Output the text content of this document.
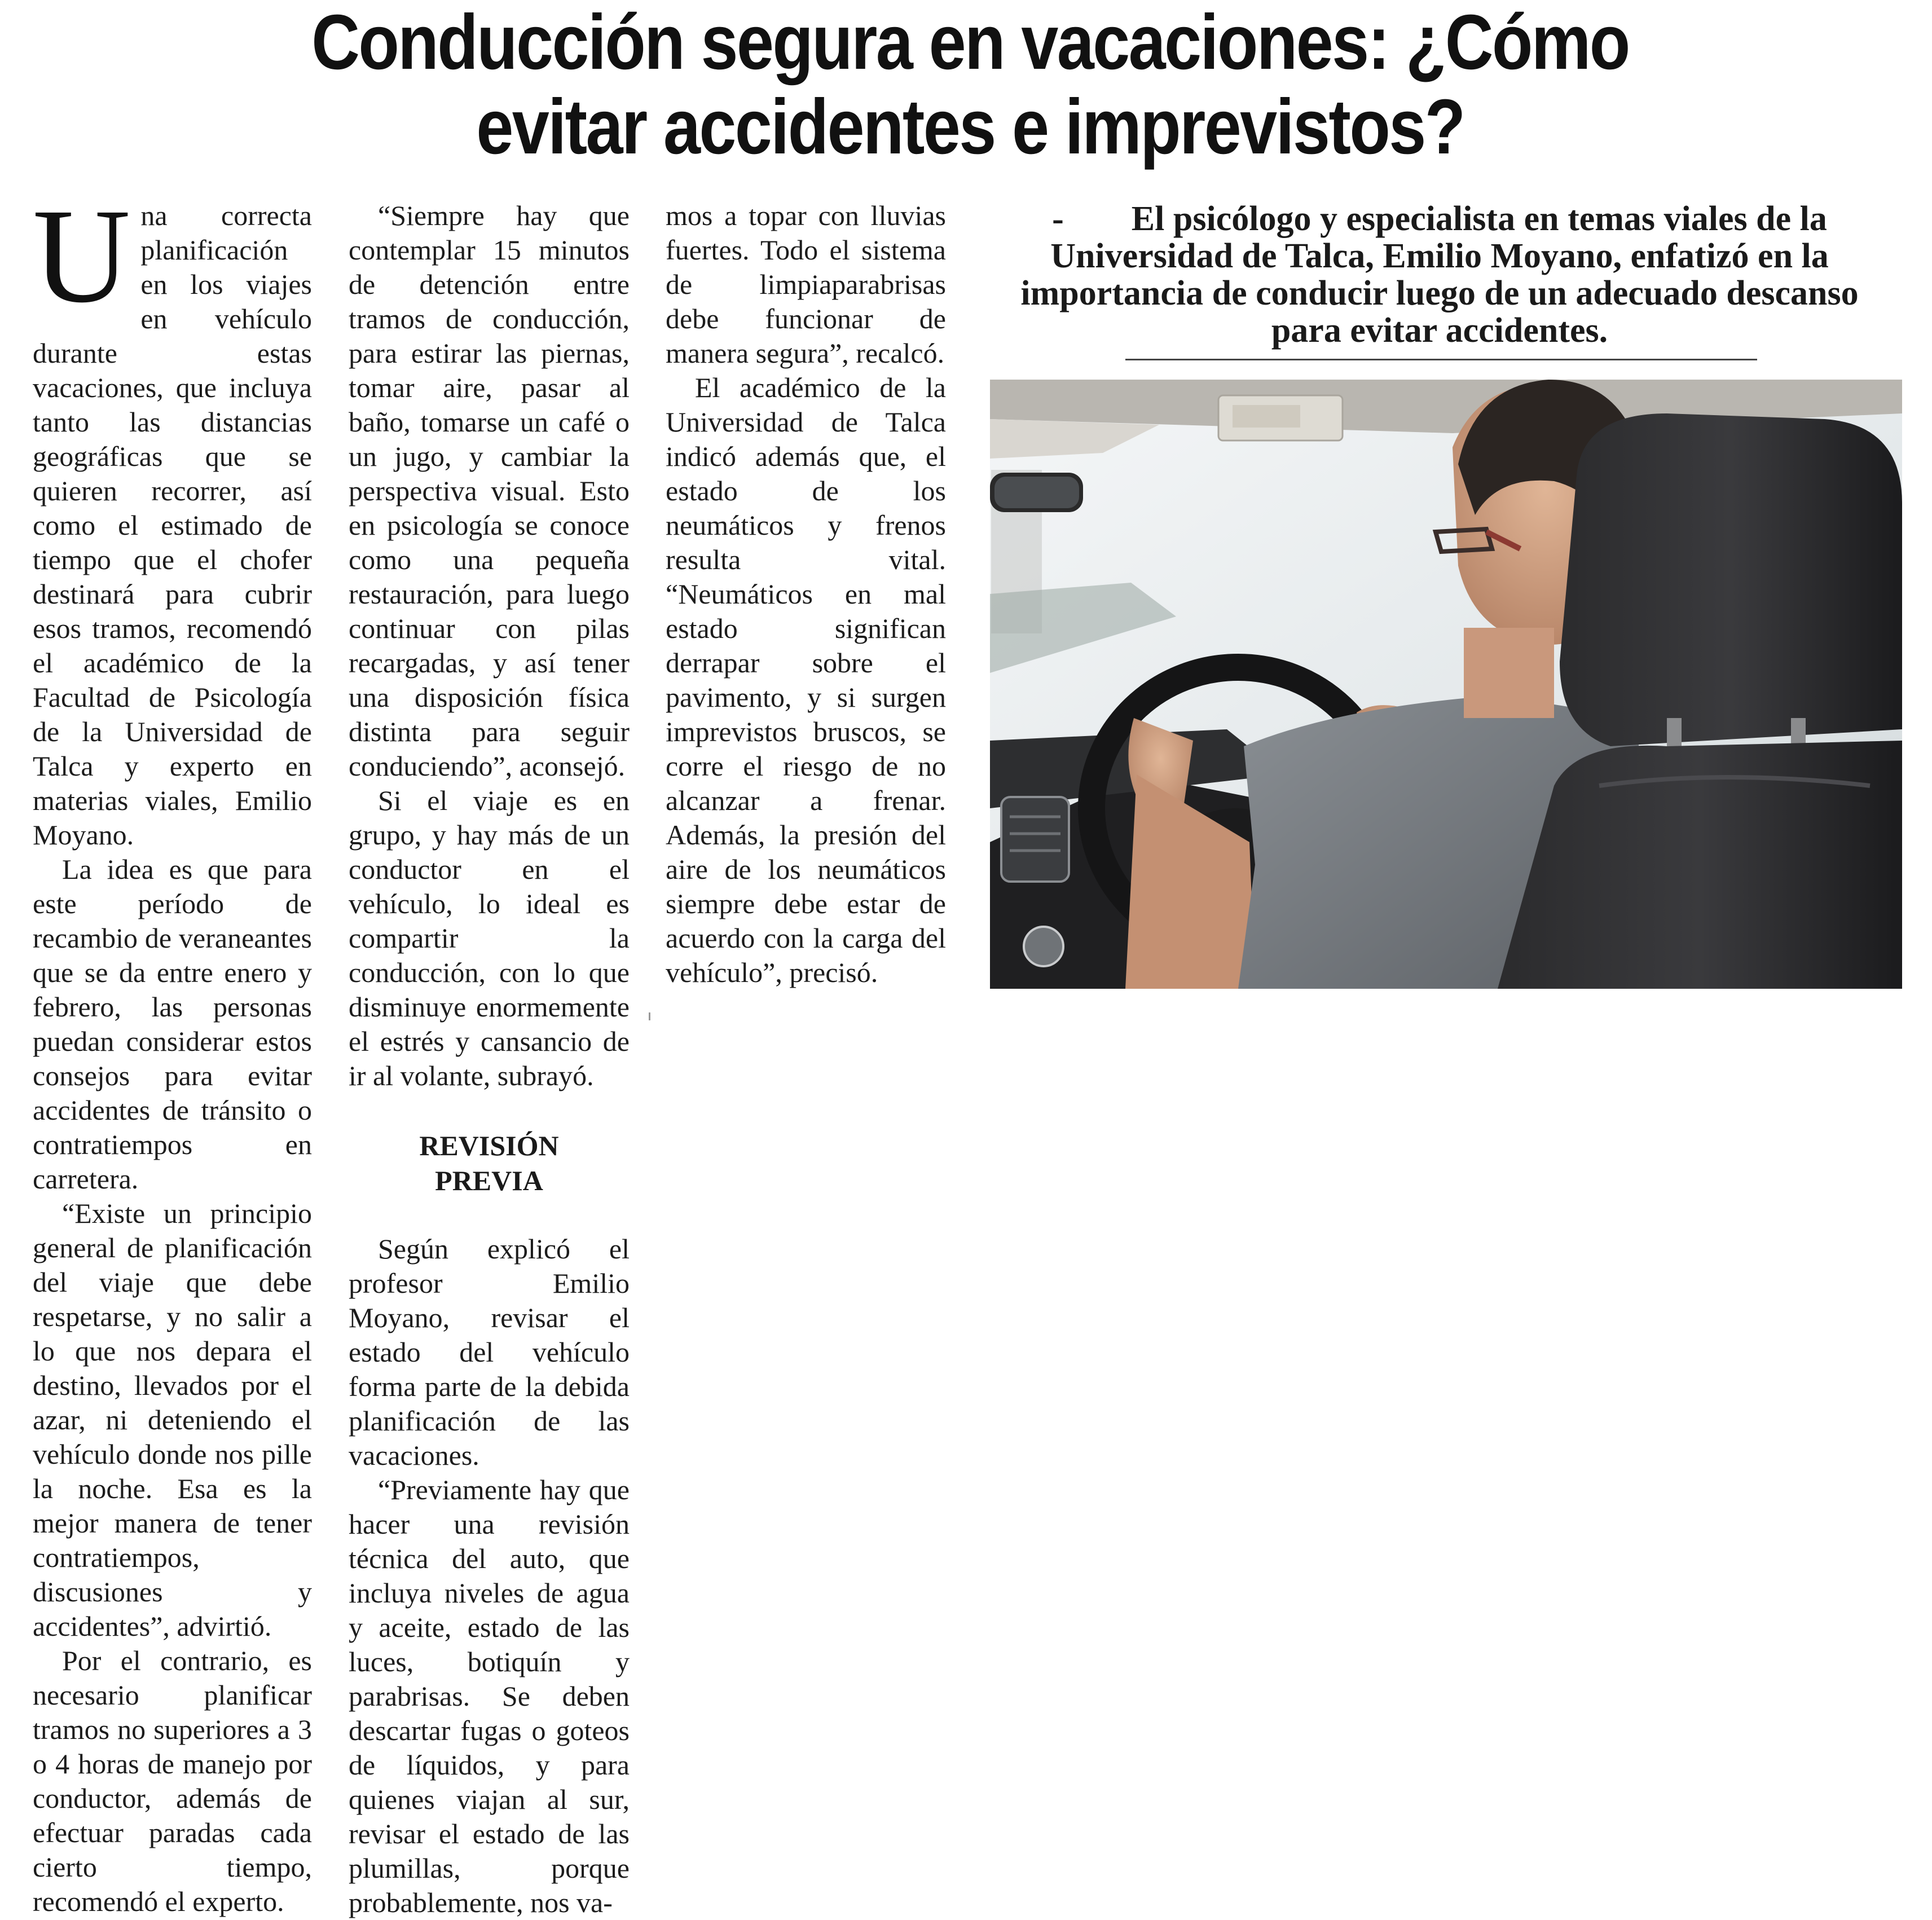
Conducción segura en vacaciones: ¿Cómo
evitar accidentes e imprevistos?

Una correcta planificación en los viajes en vehículo durante estas vacaciones, que incluya tanto las distancias geográficas que se quieren recorrer, así como el estimado de tiempo que el chofer destinará para cubrir esos tramos, recomendó el académico de la Facultad de Psicología de la Universidad de Talca y experto en materias viales, Emilio Moyano.

La idea es que para este período de recambio de veraneantes que se da entre enero y febrero, las personas puedan considerar estos consejos para evitar accidentes de tránsito o contratiempos en carretera.

“Existe un principio general de planificación del viaje que debe respetarse, y no salir a lo que nos depara el destino, llevados por el azar, ni deteniendo el vehículo donde nos pille la noche. Esa es la mejor manera de tener contratiempos, discusiones y accidentes”, advirtió.

Por el contrario, es necesario planificar tramos no superiores a 3 o 4 horas de manejo por conductor, además de efectuar paradas cada cierto tiempo, recomendó el experto.

“Siempre hay que contemplar 15 minutos de detención entre tramos de conducción, para estirar las piernas, tomar aire, pasar al baño, tomarse un café o un jugo, y cambiar la perspectiva visual. Esto en psicología se conoce como una pequeña restauración, para luego continuar con pilas recargadas, y así tener una disposición física distinta para seguir conduciendo”, aconsejó.

Si el viaje es en grupo, y hay más de un conductor en el vehículo, lo ideal es compartir la conducción, con lo que disminuye enormemente el estrés y cansancio de ir al volante, subrayó.

REVISIÓN
PREVIA

Según explicó el profesor Emilio Moyano, revisar el estado del vehículo forma parte de la debida planificación de las vacaciones.

“Previamente hay que hacer una revisión técnica del auto, que incluya niveles de agua y aceite, estado de las luces, botiquín y parabrisas. Se deben descartar fugas o goteos de líquidos, y para quienes viajan al sur, revisar el estado de las plumillas, porque probablemente, nos va-

mos a topar con lluvias fuertes. Todo el sistema de limpiaparabrisas debe funcionar de manera segura”, recalcó.

El académico de la Universidad de Talca indicó además que, el estado de los neumáticos y frenos resulta vital. “Neumáticos en mal estado significan derrapar sobre el pavimento, y si surgen imprevistos bruscos, se corre el riesgo de no alcanzar a frenar. Además, la presión del aire de los neumáticos siempre debe estar de acuerdo con la carga del vehículo”, precisó.

- El psicólogo y especialista en temas viales de la Universidad de Talca, Emilio Moyano, enfatizó en la importancia de conducir luego de un adecuado descanso para evitar accidentes.
